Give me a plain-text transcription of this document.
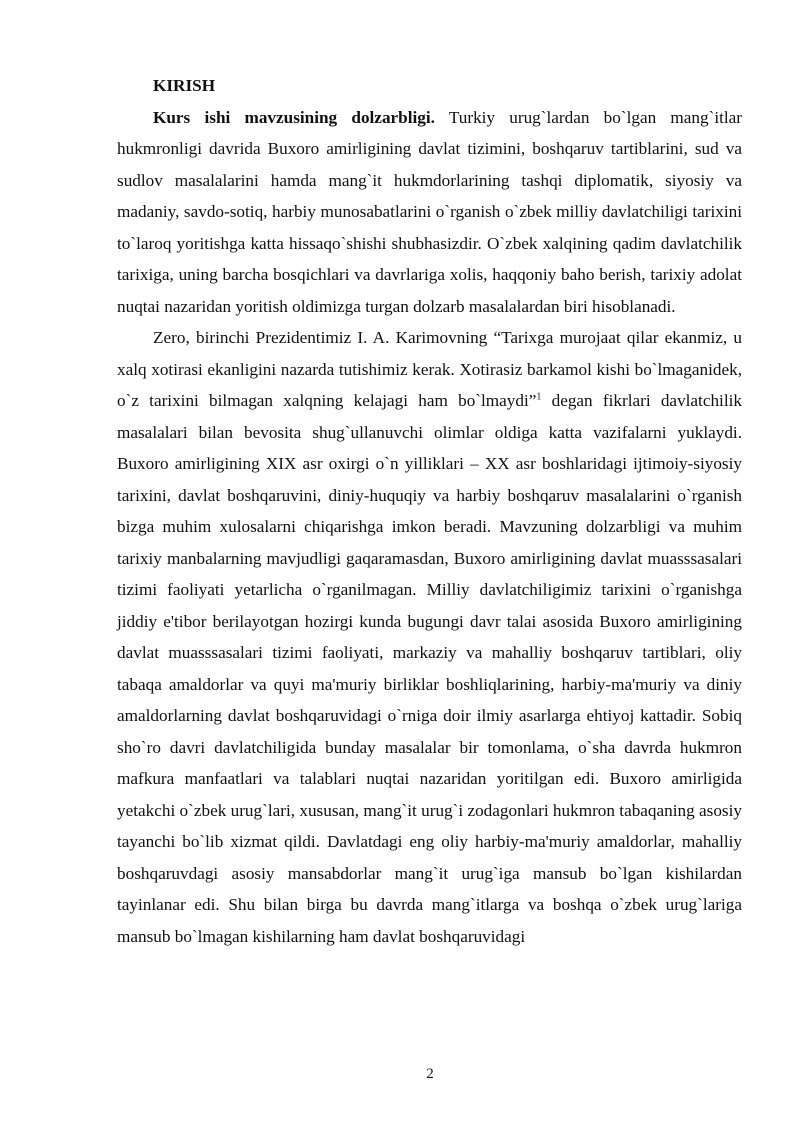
KIRISH

Kurs ishi mavzusining dolzarbligi. Turkiy urug`lardan bo`lgan mang`itlar hukmronligi davrida Buxoro amirligining davlat tizimini, boshqaruv tartiblarini, sud va sudlov masalalarini hamda mang`it hukmdorlarining tashqi diplomatik, siyosiy va madaniy, savdo-sotiq, harbiy munosabatlarini o`rganish o`zbek milliy davlatchiligi tarixini to`laroq yoritishga katta hissaqo`shishi shubhasizdir. O`zbek xalqining qadim davlatchilik tarixiga, uning barcha bosqichlari va davrlariga xolis, haqqoniy baho berish, tarixiy adolat nuqtai nazaridan yoritish oldimizga turgan dolzarb masalalardan biri hisoblanadi.

Zero, birinchi Prezidentimiz I. A. Karimovning “Tarixga murojaat qilar ekanmiz, u xalq xotirasi ekanligini nazarda tutishimiz kerak. Xotirasiz barkamol kishi bo`lmaganidek, o`z tarixini bilmagan xalqning kelajagi ham bo`lmaydi”$^1$ degan fikrlari davlatchilik masalalari bilan bevosita shug`ullanuvchi olimlar oldiga katta vazifalarni yuklaydi. Buxoro amirligining XIX asr oxirgi o`n yilliklari – XX asr boshlaridagi ijtimoiy-siyosiy tarixini, davlat boshqaruvini, diniy-huquqiy va harbiy boshqaruv masalalarini o`rganish bizga muhim xulosalarni chiqarishga imkon beradi. Mavzuning dolzarbligi va muhim tarixiy manbalarning mavjudligi gaqaramasdan, Buxoro amirligining davlat muasssasalari tizimi faoliyati yetarlicha o`rganilmagan. Milliy davlatchiligimiz tarixini o`rganishga jiddiy e'tibor berilayotgan hozirgi kunda bugungi davr talai asosida Buxoro amirligining davlat muasssasalari tizimi faoliyati, markaziy va mahalliy boshqaruv tartiblari, oliy tabaqa amaldorlar va quyi ma'muriy birliklar boshliqlarining, harbiy-ma'muriy va diniy amaldorlarning davlat boshqaruvidagi o`rniga doir ilmiy asarlarga ehtiyoj kattadir. Sobiq sho`ro davri davlatchiligida bunday masalalar bir tomonlama, o`sha davrda hukmron mafkura manfaatlari va talablari nuqtai nazaridan yoritilgan edi. Buxoro amirligida yetakchi o`zbek urug`lari, xususan, mang`it urug`i zodagonlari hukmron tabaqaning asosiy tayanchi bo`lib xizmat qildi. Davlatdagi eng oliy harbiy-ma'muriy amaldorlar, mahalliy boshqaruvdagi asosiy mansabdorlar mang`it urug`iga mansub bo`lgan kishilardan tayinlanar edi. Shu bilan birga bu davrda mang`itlarga va boshqa o`zbek urug`lariga mansub bo`lmagan kishilarning ham davlat boshqaruvidagi

2
